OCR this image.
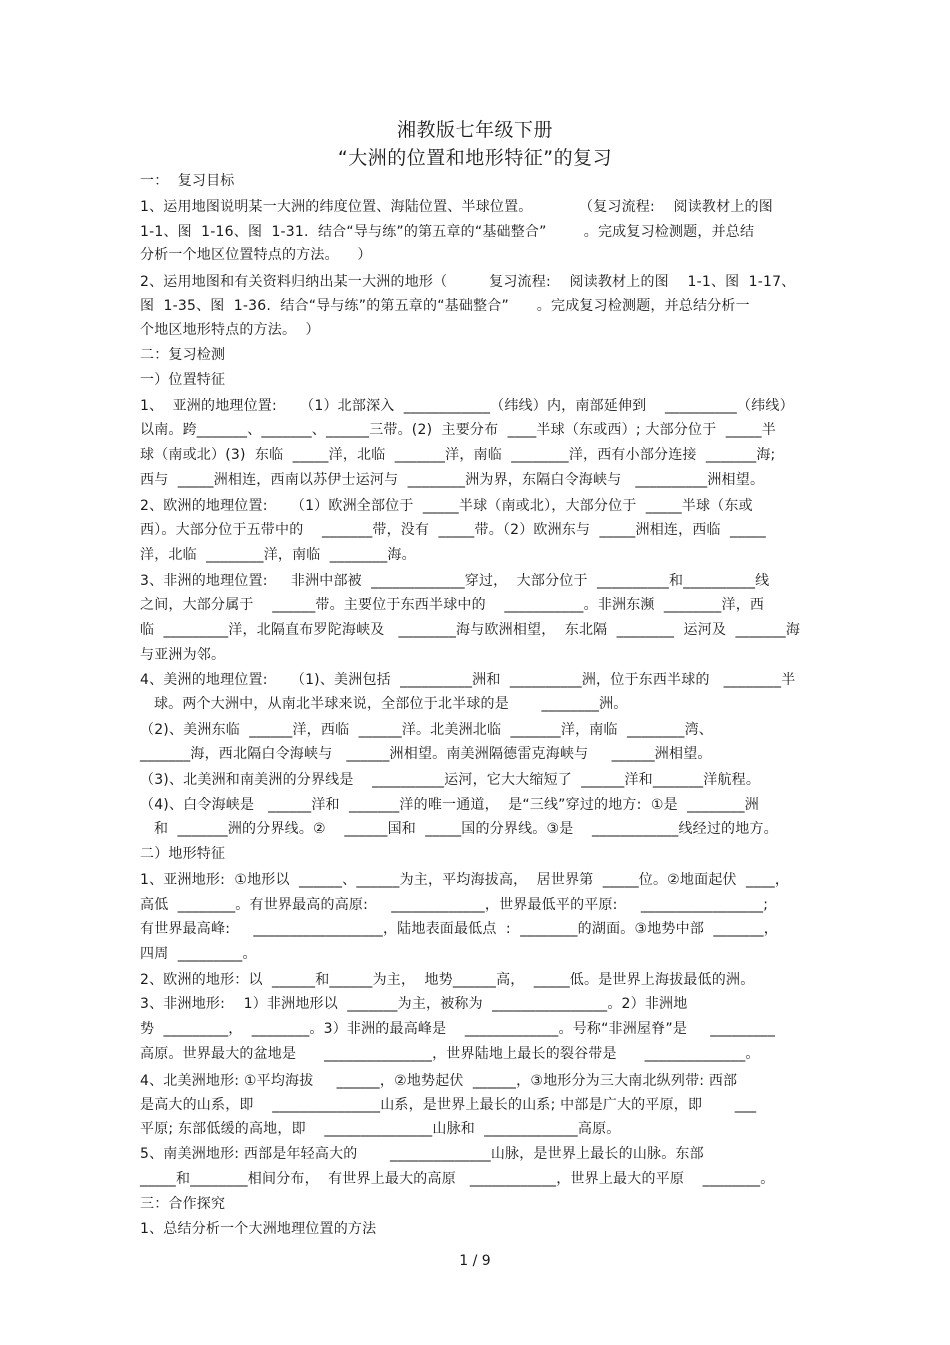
湘教版七年级下册
“大洲的位置和地形特征”的复习
一：  复习目标
1、运用地图说明某一大洲的纬度位置、海陆位置、半球位置。          （复习流程:    阅读教材上的图
1-1、图  1-16、图  1-31.  结合“导与练”的第五章的“基础整合”        。完成复习检测题，并总结
分析一个地区位置特点的方法。    ）
2、运用地图和有关资料归纳出某一大洲的地形（         复习流程:    阅读教材上的图    1-1、图  1-17、
图  1-35、图  1-36.  结合“导与练”的第五章的“基础整合”      。完成复习检测题，并总结分析一
个地区地形特点的方法。  ）
二：复习检测
一）位置特征
1、  亚洲的地理位置:     （1）北部深入  ____________（纬线）内，南部延伸到    __________（纬线）
以南。跨_______、_______、______三带。(2)  主要分布  ____半球（东或西）; 大部分位于  _____半
球（南或北）(3)  东临  _____洋，北临  _______洋，南临  ________洋，西有小部分连接  _______海;
西与  _____洲相连，西南以苏伊士运河与  ________洲为界，东隔白令海峡与   __________洲相望。
2、欧洲的地理位置:     （1）欧洲全部位于  _____半球（南或北），大部分位于  _____半球（东或
西）。大部分位于五带中的    _______带，没有  _____带。（2）欧洲东与  _____洲相连，西临  _____
洋，北临  ________洋，南临  ________海。
3、非洲的地理位置:     非洲中部被  _____________穿过，  大部分位于  __________和__________线
之间，大部分属于    ______带。主要位于东西半球中的    ___________。非洲东濒  ________洋，西
临  _________洋，北隔直布罗陀海峡及   ________海与欧洲相望，  东北隔  ________  运河及  _______海
与亚洲为邻。
4、美洲的地理位置:     （1)、美洲包括  __________洲和  __________洲，位于东西半球的   ________半
球。两个大洲中，从南北半球来说，全部位于北半球的是       ________洲。
（2)、美洲东临  ______洋，西临  ______洋。北美洲北临  _______洋，南临  ________湾、
_______海，西北隔白令海峡与   ______洲相望。南美洲隔德雷克海峡与     ______洲相望。
（3)、北美洲和南美洲的分界线是    __________运河，它大大缩短了  ______洋和_______洋航程。
（4)、白令海峡是   ______洋和  _______洋的唯一通道，  是“三线”穿过的地方:  ①是  ________洲
和  _______洲的分界线。②    ______国和  _____国的分界线。③是    ____________线经过的地方。
二）地形特征
1、亚洲地形:  ①地形以  ______、______为主，平均海拔高，  居世界第  _____位。②地面起伏  ____，
高低  ________。有世界最高的高原:     _____________，世界最低平的平原:     _________________;
有世界最高峰:     __________________，陆地表面最低点  :  ________的湖面。③地势中部  _______，
四周  _________。
2、欧洲的地形：以  ______和______为主，  地势______高，  _____低。是世界上海拔最低的洲。
3、非洲地形:    1）非洲地形以  _______为主，被称为  ________________。2）非洲地
势  _________，  ________。3）非洲的最高峰是    _____________。号称“非洲屋脊”是     _________
高原。世界最大的盆地是      _______________，世界陆地上最长的裂谷带是      ______________。
4、北美洲地形: ①平均海拔     ______，②地势起伏  ______，③地形分为三大南北纵列带: 西部
是高大的山系，即    _______________山系，是世界上最长的山系; 中部是广大的平原，即       ___
平原; 东部低缓的高地，即    _______________山脉和  _____________高原。
5、南美洲地形: 西部是年轻高大的       ______________山脉，是世界上最长的山脉。东部
_____和________相间分布，  有世界上最大的高原   ____________，世界上最大的平原    ________。
三：合作探究
1、总结分析一个大洲地理位置的方法
1 / 9
